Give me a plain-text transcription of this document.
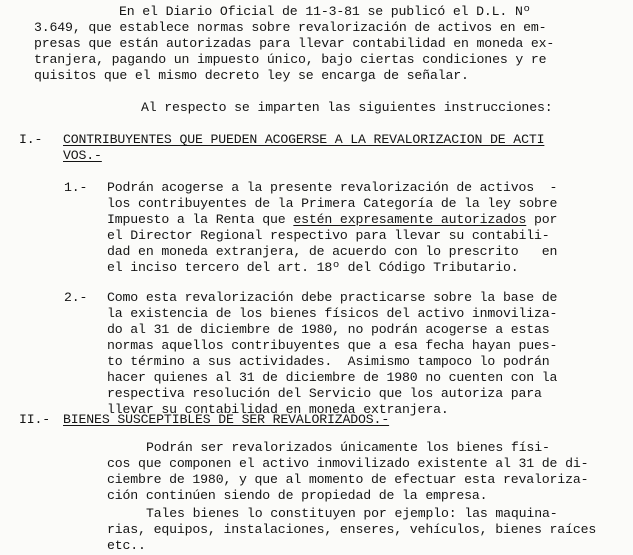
En el Diario Oficial de 11-3-81 se publicó el D.L. Nº
3.649, que establece normas sobre revalorización de activos en em-
presas que están autorizadas para llevar contabilidad en moneda ex-
tranjera, pagando un impuesto único, bajo ciertas condiciones y re
quisitos que el mismo decreto ley se encarga de señalar.
Al respecto se imparten las siguientes instrucciones:
I.- CONTRIBUYENTES QUE PUEDEN ACOGERSE A LA REVALORIZACION DE ACTI
VOS.-
1.- Podrán acogerse a la presente revalorización de activos  -
los contribuyentes de la Primera Categoría de la ley sobre
Impuesto a la Renta que estén expresamente autorizados por
el Director Regional respectivo para llevar su contabili-
dad en moneda extranjera, de acuerdo con lo prescrito   en
el inciso tercero del art. 18º del Código Tributario.
2.- Como esta revalorización debe practicarse sobre la base de
la existencia de los bienes físicos del activo inmoviliza-
do al 31 de diciembre de 1980, no podrán acogerse a estas
normas aquellos contribuyentes que a esa fecha hayan pues-
to término a sus actividades.  Asimismo tampoco lo podrán
hacer quienes al 31 de diciembre de 1980 no cuenten con la
respectiva resolución del Servicio que los autoriza para
llevar su contabilidad en moneda extranjera.
II.- BIENES SUSCEPTIBLES DE SER REVALORIZADOS.-
Podrán ser revalorizados únicamente los bienes físi-
cos que componen el activo inmovilizado existente al 31 de di-
ciembre de 1980, y que al momento de efectuar esta revaloriza-
ción continúen siendo de propiedad de la empresa.
Tales bienes lo constituyen por ejemplo: las maquina-
rias, equipos, instalaciones, enseres, vehículos, bienes raíces
etc..
